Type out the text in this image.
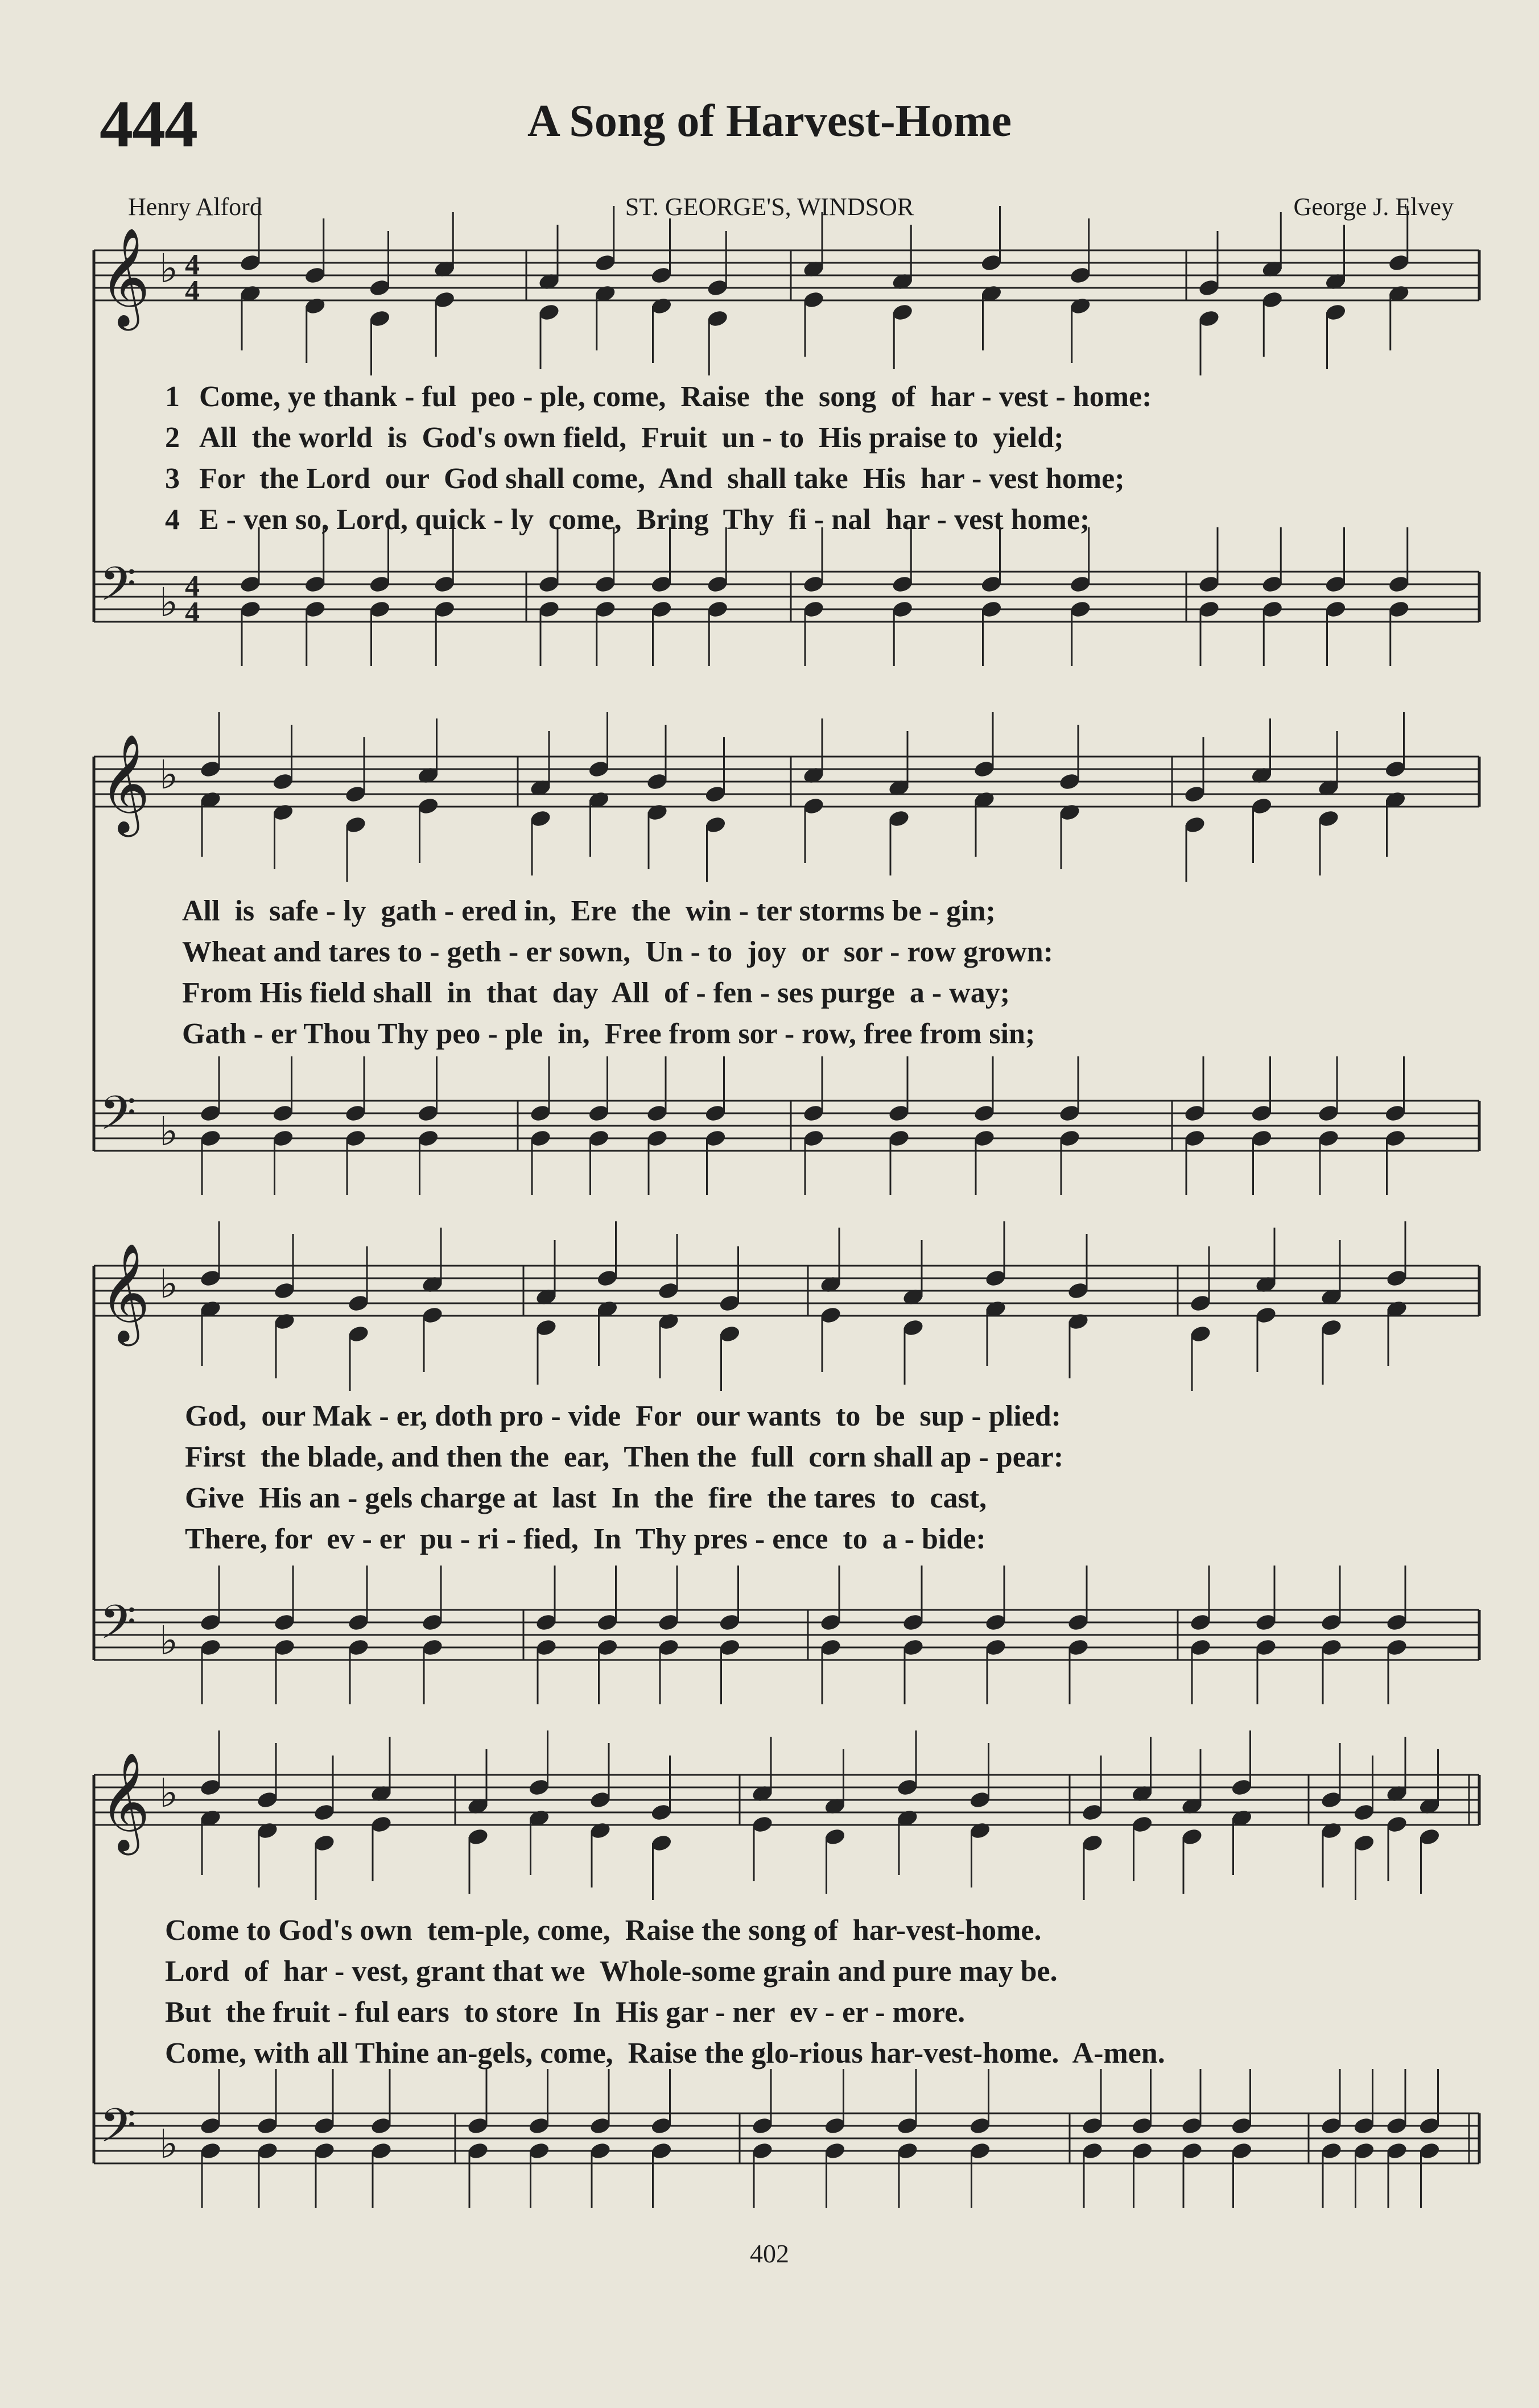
444	A Song of Harvest-Home
Henry Alford	ST. GEORGE'S, WINDSOR	George J. Elvey
𝄞 ♭ 4
4
𝄢 ♭ 4
4
𝄞 ♭
𝄢 ♭
𝄞 ♭
𝄢 ♭
𝄞 ♭
𝄢 ♭
1 Come, ye thank - ful  peo - ple, come,  Raise  the  song  of  har - vest - home:
2 All  the world  is  God's own field,  Fruit  un - to  His praise to  yield;
3 For  the Lord  our  God shall come,  And  shall take  His  har - vest home;
4 E - ven so, Lord, quick - ly  come,  Bring  Thy  fi - nal  har - vest home;
All  is  safe - ly  gath - ered in,  Ere  the  win - ter storms be - gin;
Wheat and tares to - geth - er sown,  Un - to  joy  or  sor - row grown:
From His field shall  in  that  day  All  of - fen - ses purge  a - way;
Gath - er Thou Thy peo - ple  in,  Free from sor - row, free from sin;
God,  our Mak - er, doth pro - vide  For  our wants  to  be  sup - plied:
First  the blade, and then the  ear,  Then the  full  corn shall ap - pear:
Give  His an - gels charge at  last  In  the  fire  the tares  to  cast,
There, for  ev - er  pu - ri - fied,  In  Thy pres - ence  to  a - bide:
Come to God's own  tem-ple, come,  Raise the song of  har-vest-home.
Lord  of  har - vest, grant that we  Whole-some grain and pure may be.
But  the fruit - ful ears  to store  In  His gar - ner  ev - er - more.
Come, with all Thine an-gels, come,  Raise the glo-rious har-vest-home.  A-men.
402
